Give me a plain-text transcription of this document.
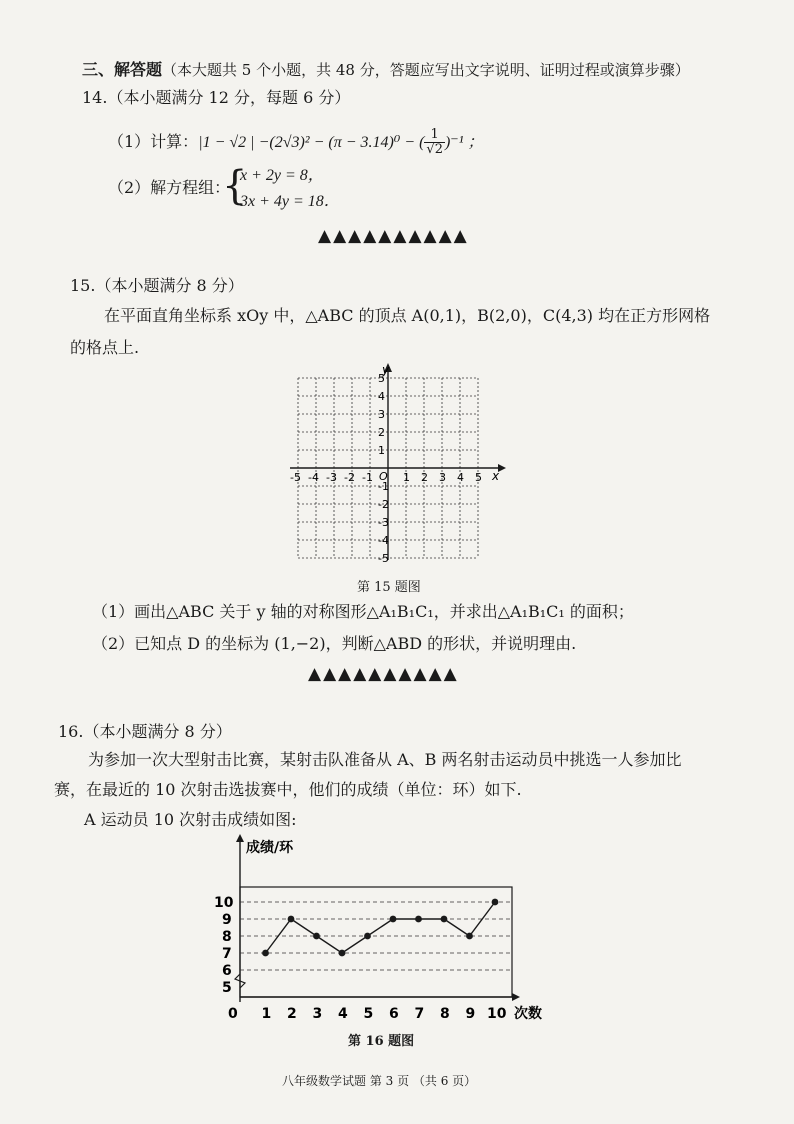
三、解答题（本大题共 5 个小题，共 48 分，答题应写出文字说明、证明过程或演算步骤）
14.（本小题满分 12 分，每题 6 分）
（1）计算：|1 − √2 | −(2√3)² − (π − 3.14)⁰ − ( $\frac{1}{√2} )^{-1}$ ；
（2）解方程组：
{
x + 2y = 8，
3x + 4y = 18．
▲▲▲▲▲▲▲▲▲▲
15.（本小题满分 8 分）
在平面直角坐标系 xOy 中，△ABC 的顶点 A(0,1)，B(2,0)，C(4,3) 均在正方形网格
的格点上.
x
y
O
-5 -4 -3 -2 -1	1 2 3 4 5
1
2
3
4
5
-1
-2
-3
-4
-5
第 15 题图
（1）画出△ABC 关于 y 轴的对称图形△A₁B₁C₁，并求出△A₁B₁C₁ 的面积；
（2）已知点 D 的坐标为 (1,−2)，判断△ABD 的形状，并说明理由.
▲▲▲▲▲▲▲▲▲▲
16.（本小题满分 8 分）
为参加一次大型射击比赛，某射击队准备从 A、B 两名射击运动员中挑选一人参加比
赛，在最近的 10 次射击选拔赛中，他们的成绩（单位：环）如下.
A 运动员 10 次射击成绩如图:
成绩/环
次数
5
6
7
8
9
10
0 1 2 3 4 5 6 7 8 9 10
第 16 题图
八年级数学试题 第 3 页 （共 6 页）
